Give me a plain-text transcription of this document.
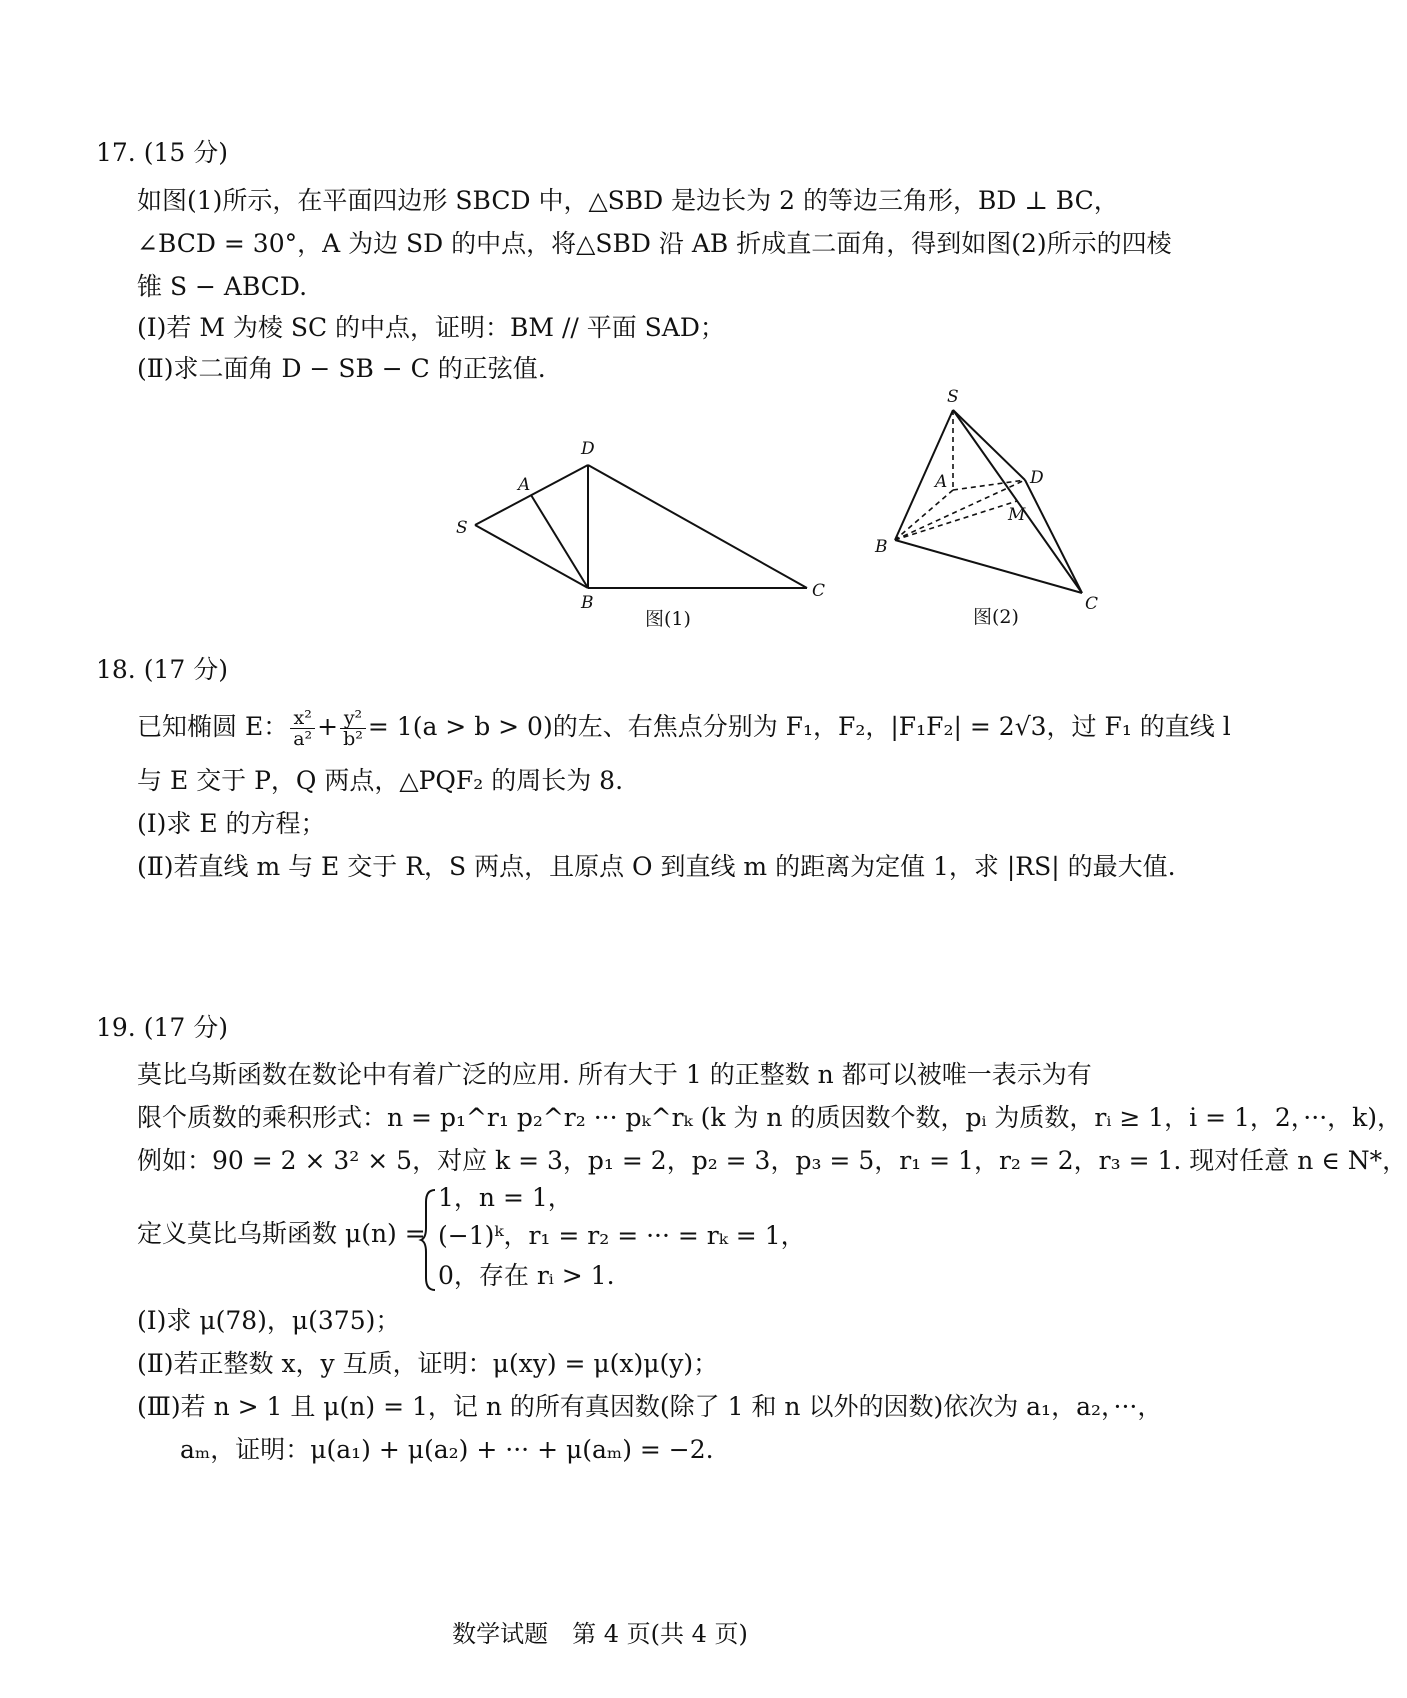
17. (15 分)
如图(1)所示，在平面四边形 SBCD 中，△SBD 是边长为 2 的等边三角形，BD ⊥ BC，
∠BCD = 30°，A 为边 SD 的中点，将△SBD 沿 AB 折成直二面角，得到如图(2)所示的四棱
锥 S − ABCD.
(Ⅰ)若 M 为棱 SC 的中点，证明：BM // 平面 SAD；
(Ⅱ)求二面角 D − SB − C 的正弦值.
S
A
D
B
C
图(1)
S
A	D
M
B
C
图(2)
18. (17 分)
已知椭圆 E： $\frac{\text{x²}}{\text{a²}} + \frac{\text{y²}}{\text{b²}} = 1(a > b > 0)$的左、右焦点分别为 F₁，F₂，|F₁F₂| = 2√3，过 F₁ 的直线 l
与 E 交于 P，Q 两点，△PQF₂ 的周长为 8.
(Ⅰ)求 E 的方程；
(Ⅱ)若直线 m 与 E 交于 R，S 两点，且原点 O 到直线 m 的距离为定值 1，求 |RS| 的最大值.
19. (17 分)
莫比乌斯函数在数论中有着广泛的应用. 所有大于 1 的正整数 n 都可以被唯一表示为有
限个质数的乘积形式：n = p₁^r₁ p₂^r₂ ··· pₖ^rₖ (k 为 n 的质因数个数，pᵢ 为质数，rᵢ ≥ 1，i = 1，2，···，k)，
例如：90 = 2 × 3² × 5，对应 k = 3，p₁ = 2，p₂ = 3，p₃ = 5，r₁ = 1，r₂ = 2，r₃ = 1. 现对任意 n ∈ N*，
定义莫比乌斯函数 μ(n) =
1，n = 1，
(−1)ᵏ，r₁ = r₂ = ··· = rₖ = 1，
0，存在 rᵢ > 1.
(Ⅰ)求 μ(78)，μ(375)；
(Ⅱ)若正整数 x，y 互质，证明：μ(xy) = μ(x)μ(y)；
(Ⅲ)若 n > 1 且 μ(n) = 1，记 n 的所有真因数(除了 1 和 n 以外的因数)依次为 a₁，a₂，···，
aₘ，证明：μ(a₁) + μ(a₂) + ··· + μ(aₘ) = −2.
数学试题　第 4 页(共 4 页)
